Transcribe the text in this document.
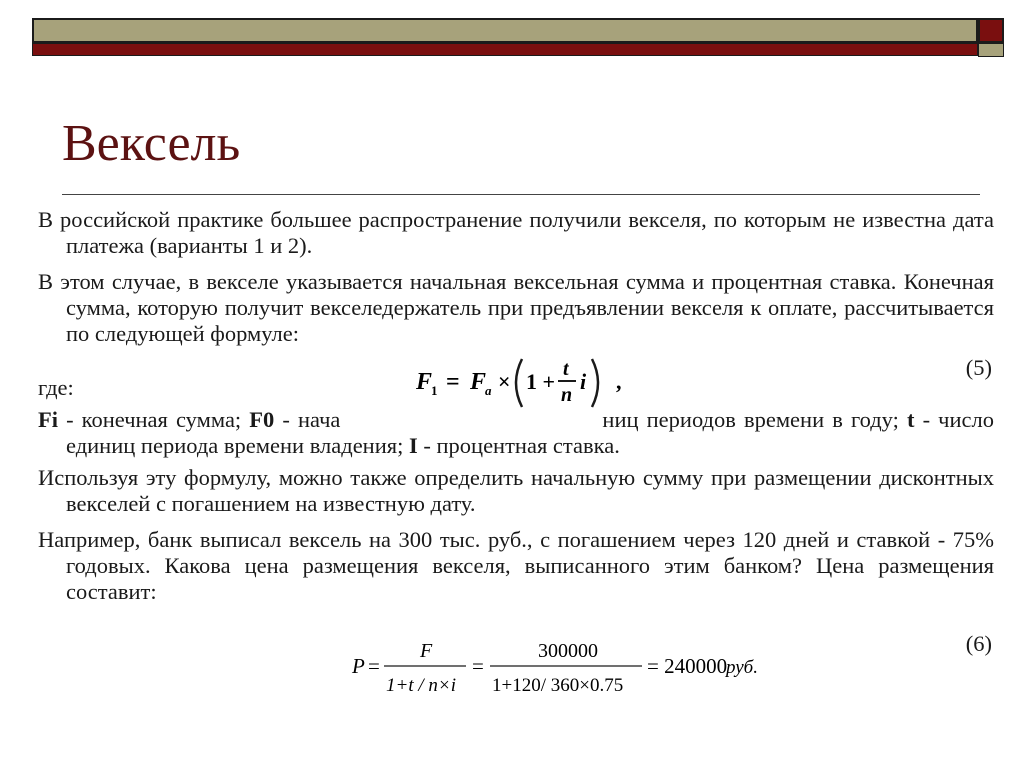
Вексель

В российской практике большее распространение получили векселя, по которым не известна дата платежа (варианты 1 и 2).

В этом случае, в векселе указывается начальная вексельная сумма и процентная ставка. Конечная сумма, которую получит векселедержатель при предъявлении векселя к оплате, рассчитывается по следующей формуле:

(5)
где:	F
1 = F
a × 1 + t
n
i ,

Fi - конечная сумма; F0 - нача	ниц периодов времени в году; t - число единиц периода времени владения; I - процентная ставка.

Используя эту формулу, можно также определить начальную сумму при размещении дисконтных векселей с погашением на известную дату.

Например, банк выписал вексель на 300 тыс. руб., с погашением через 120 дней и ставкой - 75% годовых. Какова цена размещения векселя, выписанного этим банком? Цена размещения составит:

(6)
P =
F
1+t / n×i
=
300000
1+120/ 360×0.75
= 240000
руб.
